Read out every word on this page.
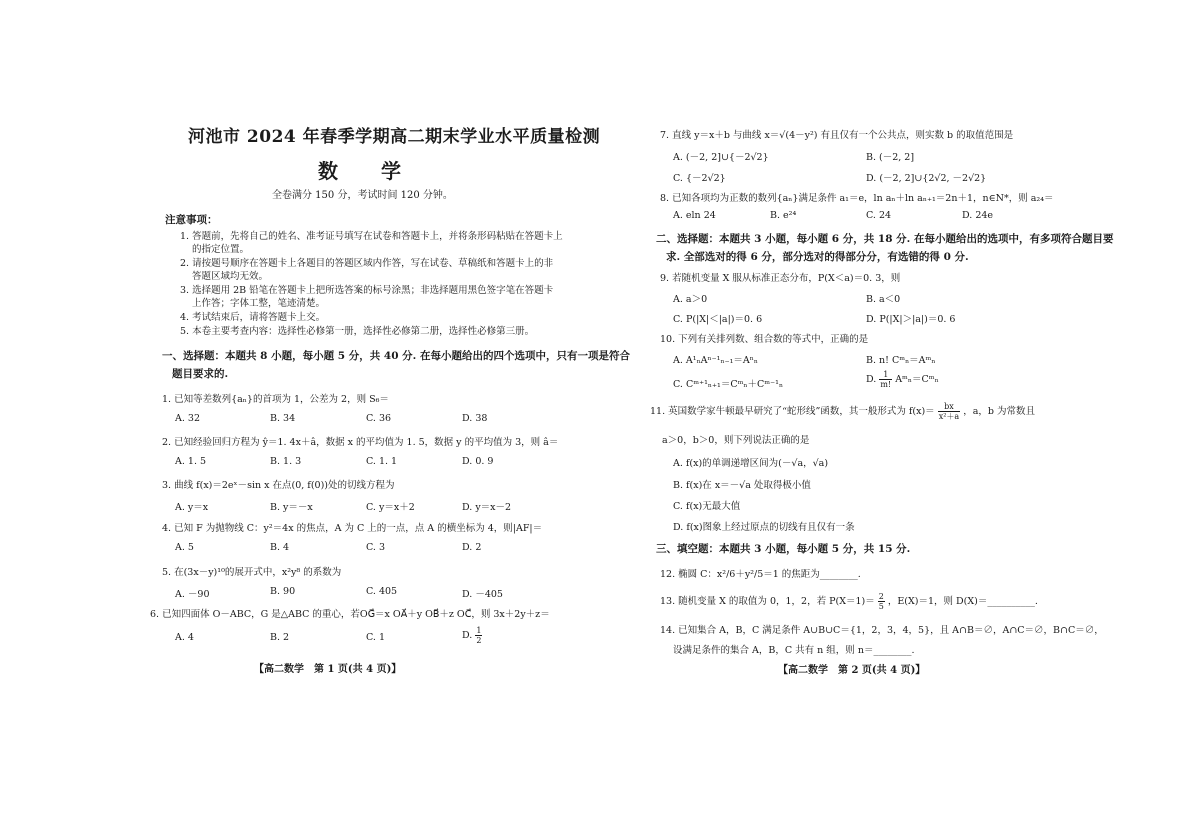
河池市 2024 年春季学期高二期末学业水平质量检测
数 学
全卷满分 150 分，考试时间 120 分钟。
注意事项：
1. 答题前，先将自己的姓名、准考证号填写在试卷和答题卡上，并将条形码粘贴在答题卡上
的指定位置。
2. 请按题号顺序在答题卡上各题目的答题区域内作答，写在试卷、草稿纸和答题卡上的非
答题区域均无效。
3. 选择题用 2B 铅笔在答题卡上把所选答案的标号涂黑；非选择题用黑色签字笔在答题卡
上作答；字体工整，笔迹清楚。
4. 考试结束后，请将答题卡上交。
5. 本卷主要考查内容：选择性必修第一册，选择性必修第二册，选择性必修第三册。
一、选择题：本题共 8 小题，每小题 5 分，共 40 分. 在每小题给出的四个选项中，只有一项是符合
题目要求的.
1. 已知等差数列{aₙ}的首项为 1，公差为 2，则 S₆＝
A. 32	B. 34	C. 36	D. 38
2. 已知经验回归方程为 ŷ＝1. 4x＋â，数据 x 的平均值为 1. 5，数据 y 的平均值为 3，则 â＝
A. 1. 5	B. 1. 3	C. 1. 1	D. 0. 9
3. 曲线 f(x)＝2eˣ－sin x 在点(0, f(0))处的切线方程为
A. y＝x	B. y＝－x	C. y＝x＋2	D. y＝x－2
4. 已知 F 为抛物线 C：y²＝4x 的焦点，A 为 C 上的一点，点 A 的横坐标为 4，则|AF|＝
A. 5	B. 4	C. 3	D. 2
5. 在(3x－y)¹⁰的展开式中，x²y⁸ 的系数为
A. －90	B. 90	C. 405	D. －405
6. 已知四面体 O－ABC，G 是△ABC 的重心，若OG⃗＝x OA⃗＋y OB⃗＋z OC⃗，则 3x＋2y＋z＝
A. 4	B. 2	C. 1	D. $\frac{1}{2}$
【高二数学　第 1 页(共 4 页)】
7. 直线 y＝x＋b 与曲线 x＝√(4－y²) 有且仅有一个公共点，则实数 b 的取值范围是
A. (－2, 2]∪{－2√2}	B. (－2, 2]
C. {－2√2}	D. (－2, 2]∪{2√2, －2√2}
8. 已知各项均为正数的数列{aₙ}满足条件 a₁＝e，ln aₙ＋ln aₙ₊₁＝2n＋1，n∈N*，则 a₂₄＝
A. eln 24	B. e²⁴	C. 24	D. 24e
二、选择题：本题共 3 小题，每小题 6 分，共 18 分. 在每小题给出的选项中，有多项符合题目要
求. 全部选对的得 6 分，部分选对的得部分分，有选错的得 0 分.
9. 若随机变量 X 服从标准正态分布，P(X＜a)＝0. 3，则
A. a＞0	B. a＜0
C. P(|X|＜|a|)＝0. 6	D. P(|X|＞|a|)＝0. 6
10. 下列有关排列数、组合数的等式中，正确的是
A. A¹ₙAⁿ⁻¹ₙ₋₁＝Aⁿₙ	B. n! Cᵐₙ＝Aᵐₙ
C. Cᵐ⁺¹ₙ₊₁＝Cᵐₙ＋Cᵐ⁻¹ₙ	D. $\frac{1}{m!}$ Aᵐₙ＝Cᵐₙ
11. 英国数学家牛顿最早研究了“蛇形线”函数，其一般形式为 $f(x)= \frac{bx}{\text{x²＋a}}$ ，a，b 为常数且
a＞0，b＞0，则下列说法正确的是
A. f(x)的单调递增区间为(－√a，√a)
B. f(x)在 x＝－√a 处取得极小值
C. f(x)无最大值
D. f(x)图象上经过原点的切线有且仅有一条
三、填空题：本题共 3 小题，每小题 5 分，共 15 分.
12. 椭圆 C：x²/6＋y²/5＝1 的焦距为________.
13. 随机变量 X 的取值为 0，1，2，若 $P(X=1)= \frac{2}{5}$ ，E(X)＝1，则 D(X)＝__________.
14. 已知集合 A，B，C 满足条件 A∪B∪C＝{1，2，3，4，5}，且 A∩B＝∅，A∩C＝∅，B∩C＝∅，
设满足条件的集合 A，B，C 共有 n 组，则 n＝________.
【高二数学　第 2 页(共 4 页)】
